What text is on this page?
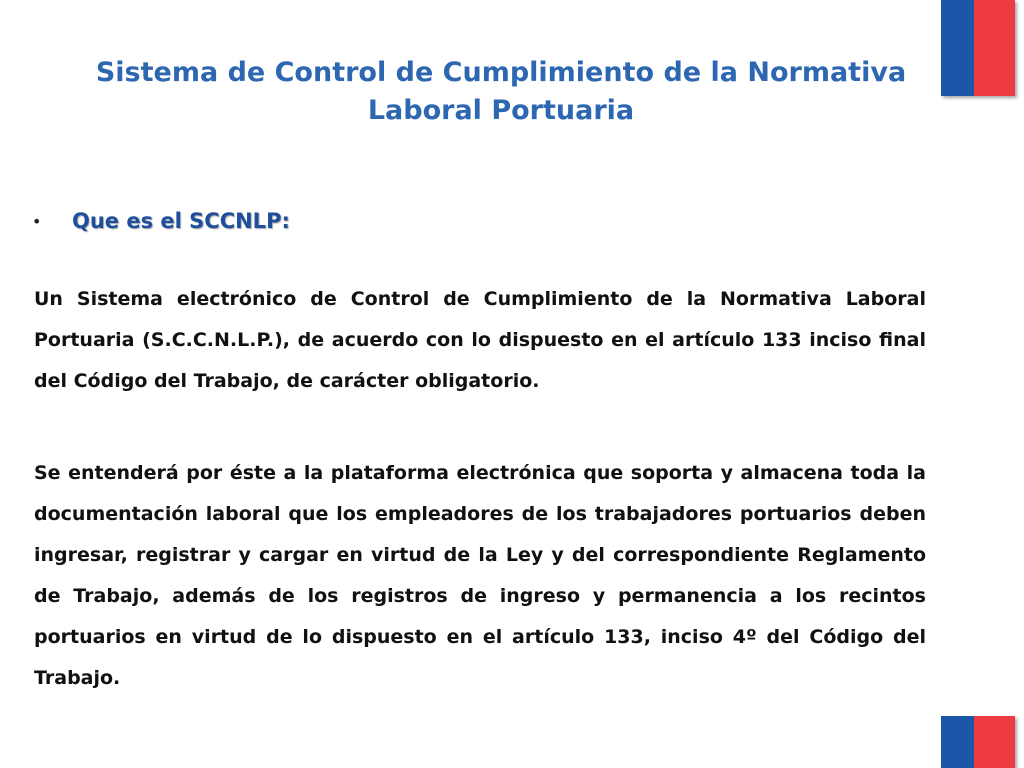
Sistema de Control de Cumplimiento de la Normativa Laboral Portuaria
•	Que es el SCCNLP:

Un Sistema electrónico de Control de Cumplimiento de la Normativa Laboral Portuaria (S.C.C.N.L.P.), de acuerdo con lo dispuesto en el artículo 133 inciso final del Código del Trabajo, de carácter obligatorio.

Se entenderá por éste a la plataforma electrónica que soporta y almacena toda la documentación laboral que los empleadores de los trabajadores portuarios deben ingresar, registrar y cargar en virtud de la Ley y del correspondiente Reglamento de Trabajo, además de los registros de ingreso y permanencia a los recintos portuarios en virtud de lo dispuesto en el artículo 133, inciso 4º del Código del Trabajo.
